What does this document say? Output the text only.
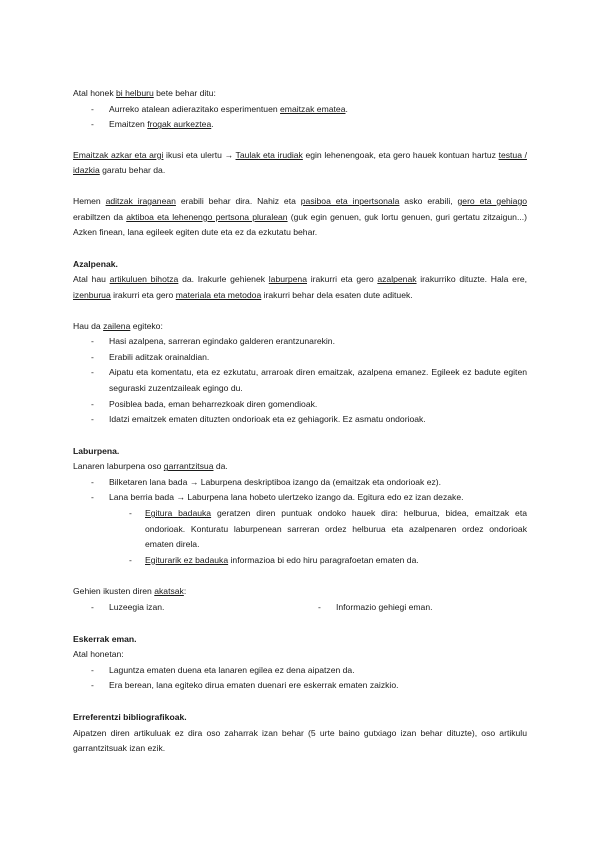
Atal honek bi helburu bete behar ditu:

- Aurreko atalean adierazitako esperimentuen emaitzak ematea.
- Emaitzen frogak aurkeztea.

Emaitzak azkar eta argi ikusi eta ulertu → Taulak eta irudiak egin lehenengoak, eta gero hauek kontuan hartuz testua / idazkia garatu behar da.

Hemen aditzak iraganean erabili behar dira. Nahiz eta pasiboa eta inpertsonala asko erabili, gero eta gehiago erabiltzen da aktiboa eta lehenengo pertsona pluralean (guk egin genuen, guk lortu genuen, guri gertatu zitzaigun...) Azken finean, lana egileek egiten dute eta ez da ezkutatu behar.

Azalpenak.

Atal hau artikuluen bihotza da. Irakurle gehienek laburpena irakurri eta gero azalpenak irakurriko dituzte. Hala ere, izenburua irakurri eta gero materiala eta metodoa irakurri behar dela esaten dute adituek.

Hau da zailena egiteko:

- Hasi azalpena, sarreran egindako galderen erantzunarekin.
- Erabili aditzak orainaldian.
- Aipatu eta komentatu, eta ez ezkutatu, arraroak diren emaitzak, azalpena emanez. Egileek ez badute egiten seguraski zuzentzaileak egingo du.
- Posiblea bada, eman beharrezkoak diren gomendioak.
- Idatzi emaitzek ematen dituzten ondorioak eta ez gehiagorik. Ez asmatu ondorioak.

Laburpena.

Lanaren laburpena oso garrantzitsua da.

- Bilketaren lana bada → Laburpena deskriptiboa izango da (emaitzak eta ondorioak ez).
- Lana berria bada → Laburpena lana hobeto ulertzeko izango da. Egitura edo ez izan dezake.
- Egitura badauka geratzen diren puntuak ondoko hauek dira: helburua, bidea, emaitzak eta ondorioak. Konturatu laburpenean sarreran ordez helburua eta azalpenaren ordez ondorioak ematen direla.
- Egiturarik ez badauka informazioa bi edo hiru paragrafoetan ematen da.

Gehien ikusten diren akatsak:

- Luzeegia izan.
-	Informazio gehiegi eman.

Eskerrak eman.

Atal honetan:

- Laguntza ematen duena eta lanaren egilea ez dena aipatzen da.
- Era berean, lana egiteko dirua ematen duenari ere eskerrak ematen zaizkio.

Erreferentzi bibliografikoak.

Aipatzen diren artikuluak ez dira oso zaharrak izan behar (5 urte baino gutxiago izan behar dituzte), oso artikulu garrantzitsuak izan ezik.
